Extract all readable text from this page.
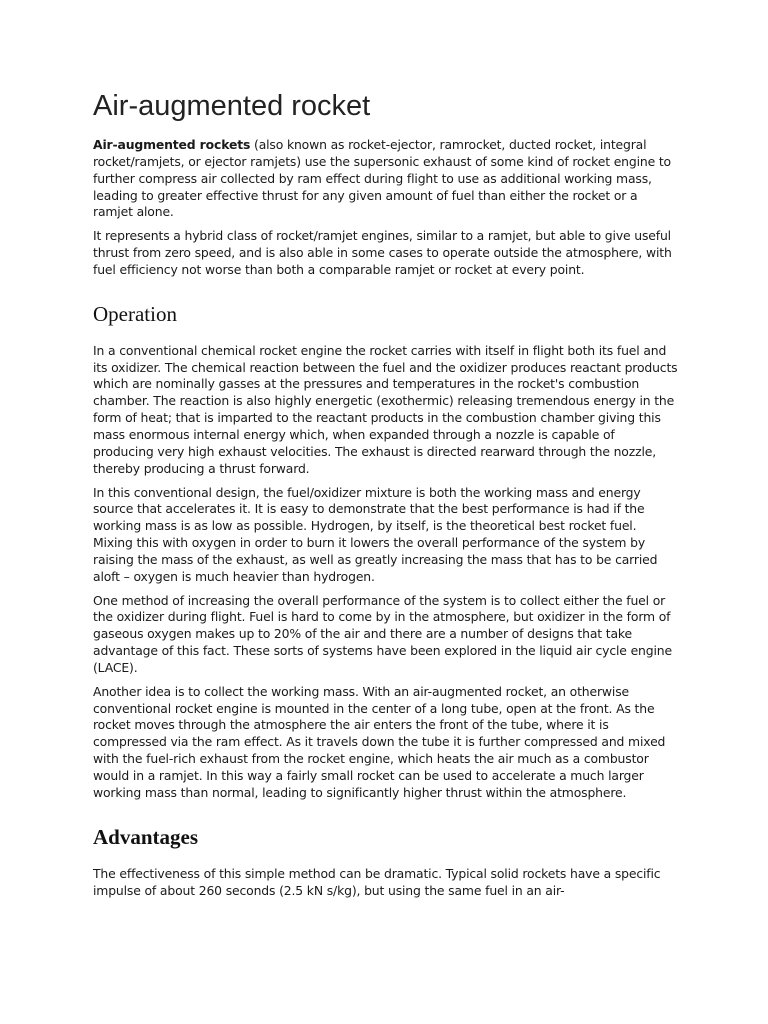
Air-augmented rocket

Air-augmented rockets (also known as rocket-ejector, ramrocket, ducted rocket, integral rocket/ramjets, or ejector ramjets) use the supersonic exhaust of some kind of rocket engine to further compress air collected by ram effect during flight to use as additional working mass, leading to greater effective thrust for any given amount of fuel than either the rocket or a ramjet alone.

It represents a hybrid class of rocket/ramjet engines, similar to a ramjet, but able to give useful thrust from zero speed, and is also able in some cases to operate outside the atmosphere, with fuel efficiency not worse than both a comparable ramjet or rocket at every point.

Operation

In a conventional chemical rocket engine the rocket carries with itself in flight both its fuel and its oxidizer. The chemical reaction between the fuel and the oxidizer produces reactant products which are nominally gasses at the pressures and temperatures in the rocket's combustion chamber. The reaction is also highly energetic (exothermic) releasing tremendous energy in the form of heat; that is imparted to the reactant products in the combustion chamber giving this mass enormous internal energy which, when expanded through a nozzle is capable of producing very high exhaust velocities. The exhaust is directed rearward through the nozzle, thereby producing a thrust forward.

In this conventional design, the fuel/oxidizer mixture is both the working mass and energy source that accelerates it. It is easy to demonstrate that the best performance is had if the working mass is as low as possible. Hydrogen, by itself, is the theoretical best rocket fuel. Mixing this with oxygen in order to burn it lowers the overall performance of the system by raising the mass of the exhaust, as well as greatly increasing the mass that has to be carried aloft – oxygen is much heavier than hydrogen.

One method of increasing the overall performance of the system is to collect either the fuel or the oxidizer during flight. Fuel is hard to come by in the atmosphere, but oxidizer in the form of gaseous oxygen makes up to 20% of the air and there are a number of designs that take advantage of this fact. These sorts of systems have been explored in the liquid air cycle engine (LACE).

Another idea is to collect the working mass. With an air-augmented rocket, an otherwise conventional rocket engine is mounted in the center of a long tube, open at the front. As the rocket moves through the atmosphere the air enters the front of the tube, where it is compressed via the ram effect. As it travels down the tube it is further compressed and mixed with the fuel-rich exhaust from the rocket engine, which heats the air much as a combustor would in a ramjet. In this way a fairly small rocket can be used to accelerate a much larger working mass than normal, leading to significantly higher thrust within the atmosphere.

Advantages

The effectiveness of this simple method can be dramatic. Typical solid rockets have a specific impulse of about 260 seconds (2.5 kN s/kg), but using the same fuel in an air-
